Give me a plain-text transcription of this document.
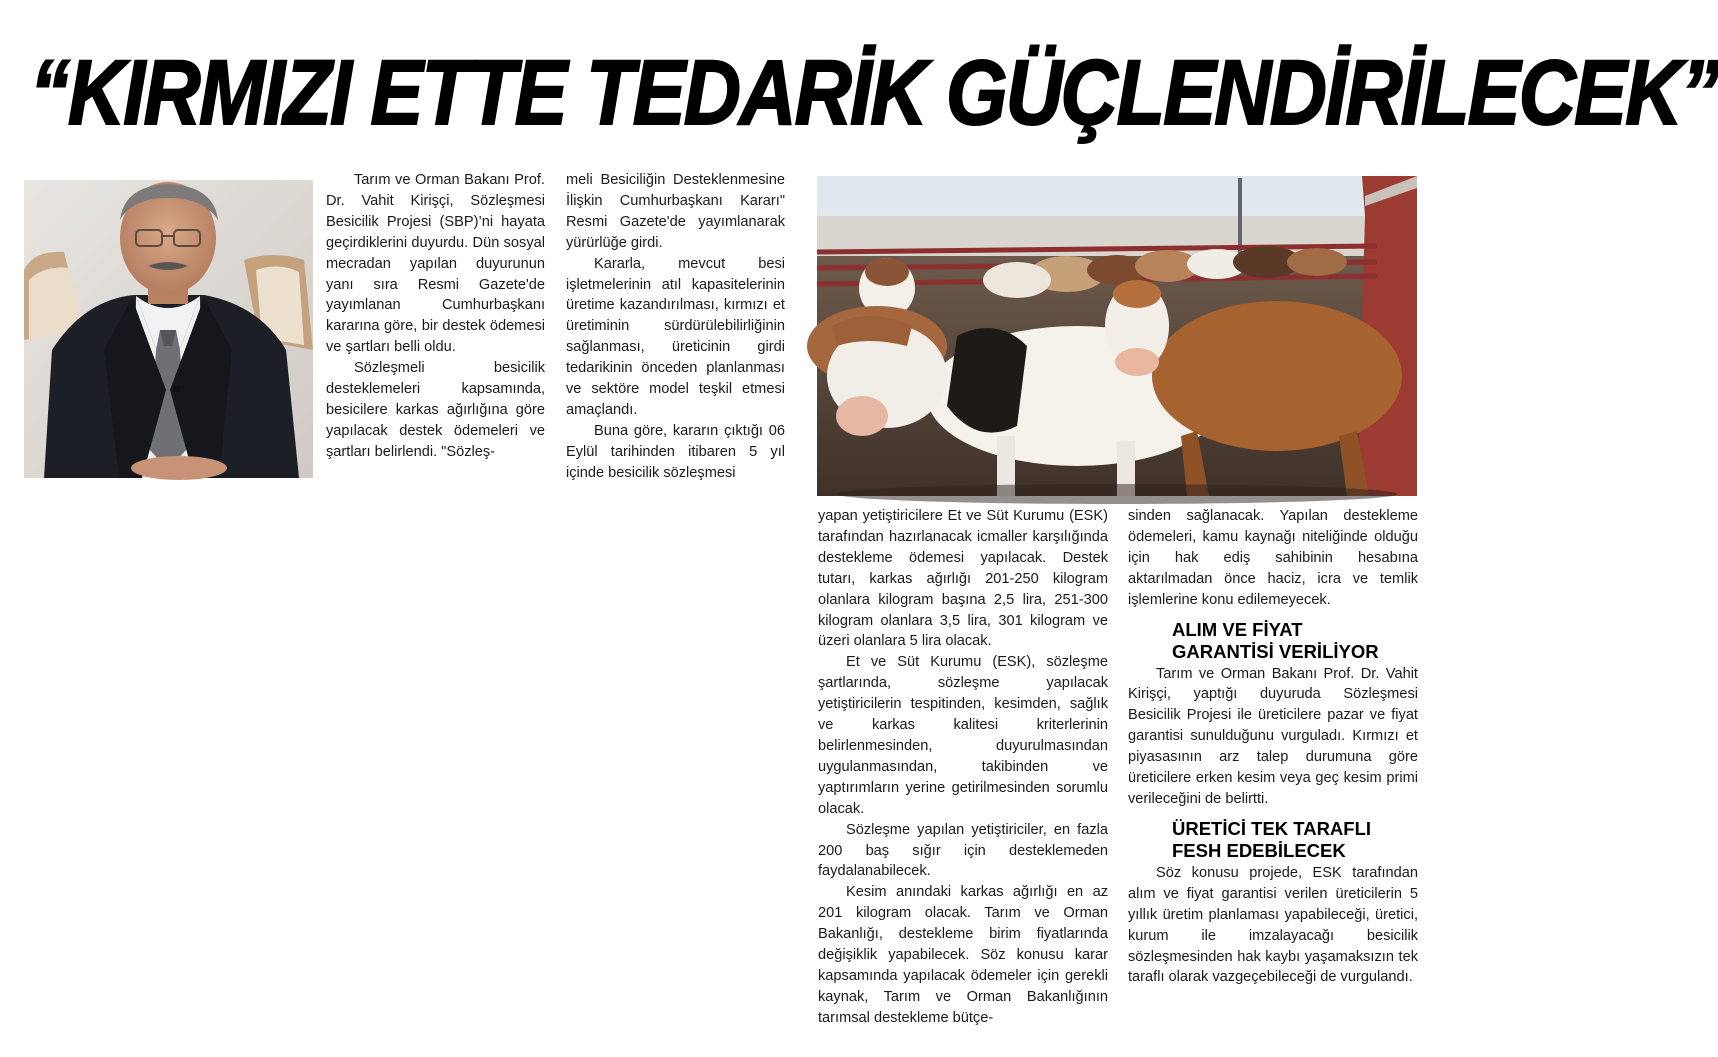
“KIRMIZI ETTE TEDARİK GÜÇLENDİRİLECEK”

Tarım ve Orman Bakanı Prof. Dr. Vahit Kirişçi, Sözleşmesi Besicilik Projesi (SBP)’ni hayata geçirdiklerini duyurdu. Dün sosyal mecradan yapılan duyurunun yanı sıra Resmi Gazete'de yayımlanan Cumhurbaşkanı kararına göre, bir destek ödemesi ve şartları belli oldu.

Sözleşmeli besicilik desteklemeleri kapsamında, besicilere karkas ağırlığına göre yapılacak destek ödemeleri ve şartları belirlendi. "Sözleş-

meli Besiciliğin Desteklenmesine İlişkin Cumhurbaşkanı Kararı" Resmi Gazete'de yayımlanarak yürürlüğe girdi.

Kararla, mevcut besi işletmelerinin atıl kapasitelerinin üretime kazandırılması, kırmızı et üretiminin sürdürülebilirliğinin sağlanması, üreticinin girdi tedarikinin önceden planlanması ve sektöre model teşkil etmesi amaçlandı.

Buna göre, kararın çıktığı 06 Eylül tarihinden itibaren 5 yıl içinde besicilik sözleşmesi

yapan yetiştiricilere Et ve Süt Kurumu (ESK) tarafından hazırlanacak icmaller karşılığında destekleme ödemesi yapılacak. Destek tutarı, karkas ağırlığı 201-250 kilogram olanlara kilogram başına 2,5 lira, 251-300 kilogram olanlara 3,5 lira, 301 kilogram ve üzeri olanlara 5 lira olacak.

Et ve Süt Kurumu (ESK), sözleşme şartlarında, sözleşme yapılacak yetiştiricilerin tespitinden, kesimden, sağlık ve karkas kalitesi kriterlerinin belirlenmesinden, duyurulmasından uygulanmasından, takibinden ve yaptırımların yerine getirilmesinden sorumlu olacak.

Sözleşme yapılan yetiştiriciler, en fazla 200 baş sığır için desteklemeden faydalanabilecek.

Kesim anındaki karkas ağırlığı en az 201 kilogram olacak. Tarım ve Orman Bakanlığı, destekleme birim fiyatlarında değişiklik yapabilecek. Söz konusu karar kapsamında yapılacak ödemeler için gerekli kaynak, Tarım ve Orman Bakanlığının tarımsal destekleme bütçe-

sinden sağlanacak. Yapılan destekleme ödemeleri, kamu kaynağı niteliğinde olduğu için hak ediş sahibinin hesabına aktarılmadan önce haciz, icra ve temlik işlemlerine konu edilemeyecek.

ALIM VE FİYAT
GARANTİSİ VERİLİYOR

Tarım ve Orman Bakanı Prof. Dr. Vahit Kirişçi, yaptığı duyuruda Sözleşmesi Besicilik Projesi ile üreticilere pazar ve fiyat garantisi sunulduğunu vurguladı. Kırmızı et piyasasının arz talep durumuna göre üreticilere erken kesim veya geç kesim primi verileceğini de belirtti.

ÜRETİCİ TEK TARAFLI
FESH EDEBİLECEK

Söz konusu projede, ESK tarafından alım ve fiyat garantisi verilen üreticilerin 5 yıllık üretim planlaması yapabileceği, üretici, kurum ile imzalayacağı besicilik sözleşmesinden hak kaybı yaşamaksızın tek taraflı olarak vazgeçebileceği de vurgulandı.
